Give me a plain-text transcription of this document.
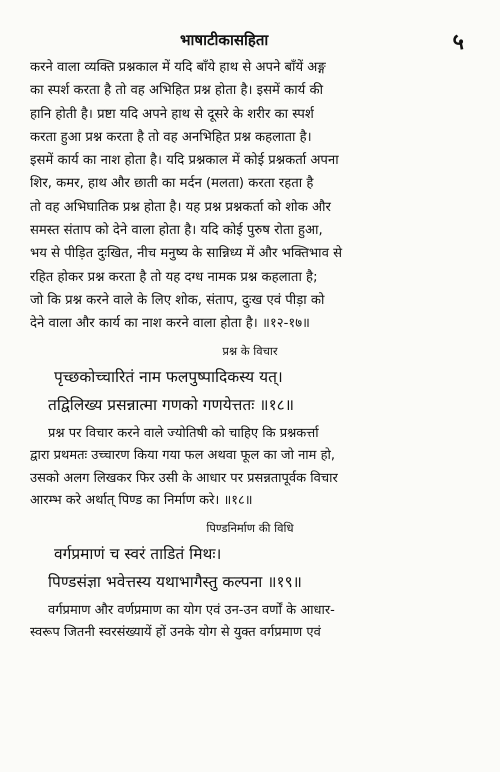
भाषाटीकासहिता	५

करने वाला व्यक्ति प्रश्नकाल में यदि बाँये हाथ से अपने बाँयें अङ्ग
का स्पर्श करता है तो वह अभिहित प्रश्न होता है। इसमें कार्य की
हानि होती है। प्रष्टा यदि अपने हाथ से दूसरे के शरीर का स्पर्श
करता हुआ प्रश्न करता है तो वह अनभिहित प्रश्न कहलाता है।
इसमें कार्य का नाश होता है। यदि प्रश्नकाल में कोई प्रश्नकर्ता अपना
शिर, कमर, हाथ और छाती का मर्दन (मलता) करता रहता है
तो वह अभिघातिक प्रश्न होता है। यह प्रश्न प्रश्नकर्ता को शोक और
समस्त संताप को देने वाला होता है। यदि कोई पुरुष रोता हुआ,
भय से पीड़ित दुःखित, नीच मनुष्य के सान्निध्य में और भक्तिभाव से
रहित होकर प्रश्न करता है तो यह दग्ध नामक प्रश्न कहलाता है;
जो कि प्रश्न करने वाले के लिए शोक, संताप, दुःख एवं पीड़ा को
देने वाला और कार्य का नाश करने वाला होता है। ॥१२-१७॥

प्रश्न के विचार
पृच्छकोच्चारितं नाम फलपुष्पादिकस्य यत्।
तद्विलिख्य प्रसन्नात्मा गणको गणयेत्ततः ॥१८॥

प्रश्न पर विचार करने वाले ज्योतिषी को चाहिए कि प्रश्नकर्त्ता
द्वारा प्रथमतः उच्चारण किया गया फल अथवा फूल का जो नाम हो,
उसको अलग लिखकर फिर उसी के आधार पर प्रसन्नतापूर्वक विचार
आरम्भ करे अर्थात् पिण्ड का निर्माण करे। ॥१८॥

पिण्डनिर्माण की विधि
वर्गप्रमाणं च स्वरं ताडितं मिथः।
पिण्डसंज्ञा भवेत्तस्य यथाभागैस्तु कल्पना ॥१९॥

वर्गप्रमाण और वर्णप्रमाण का योग एवं उन-उन वर्णों के आधार-
स्वरूप जितनी स्वरसंख्यायें हों उनके योग से युक्त वर्गप्रमाण एवं
